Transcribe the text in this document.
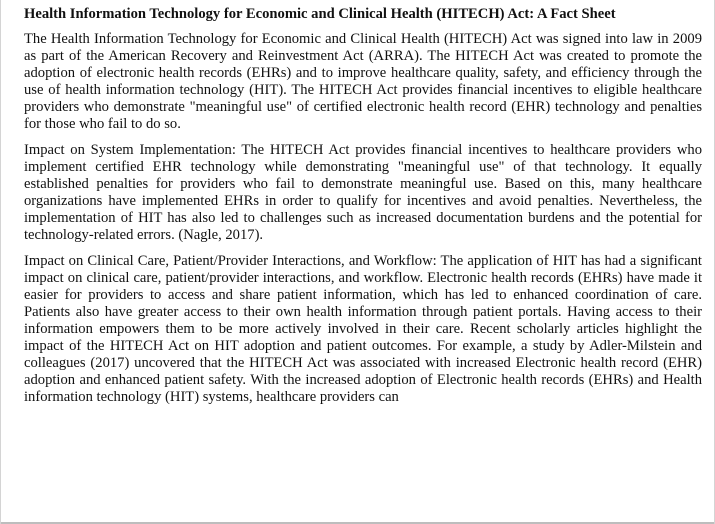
Health Information Technology for Economic and Clinical Health (HITECH) Act: A Fact Sheet

The Health Information Technology for Economic and Clinical Health (HITECH) Act was signed into law in 2009 as part of the American Recovery and Reinvestment Act (ARRA). The HITECH Act was created to promote the adoption of electronic health records (EHRs) and to improve healthcare quality, safety, and efficiency through the use of health information technology (HIT). The HITECH Act provides financial incentives to eligible healthcare providers who demonstrate "meaningful use" of certified electronic health record (EHR) technology and penalties for those who fail to do so.

Impact on System Implementation: The HITECH Act provides financial incentives to healthcare providers who implement certified EHR technology while demonstrating "meaningful use" of that technology. It equally established penalties for providers who fail to demonstrate meaningful use. Based on this, many healthcare organizations have implemented EHRs in order to qualify for incentives and avoid penalties. Nevertheless, the implementation of HIT has also led to challenges such as increased documentation burdens and the potential for technology-related errors. (Nagle, 2017).

Impact on Clinical Care, Patient/Provider Interactions, and Workflow: The application of HIT has had a significant impact on clinical care, patient/provider interactions, and workflow. Electronic health records (EHRs) have made it easier for providers to access and share patient information, which has led to enhanced coordination of care. Patients also have greater access to their own health information through patient portals. Having access to their information empowers them to be more actively involved in their care. Recent scholarly articles highlight the impact of the HITECH Act on HIT adoption and patient outcomes. For example, a study by Adler-Milstein and colleagues (2017) uncovered that the HITECH Act was associated with increased Electronic health record (EHR) adoption and enhanced patient safety. With the increased adoption of Electronic health records (EHRs) and Health information technology (HIT) systems, healthcare providers can
